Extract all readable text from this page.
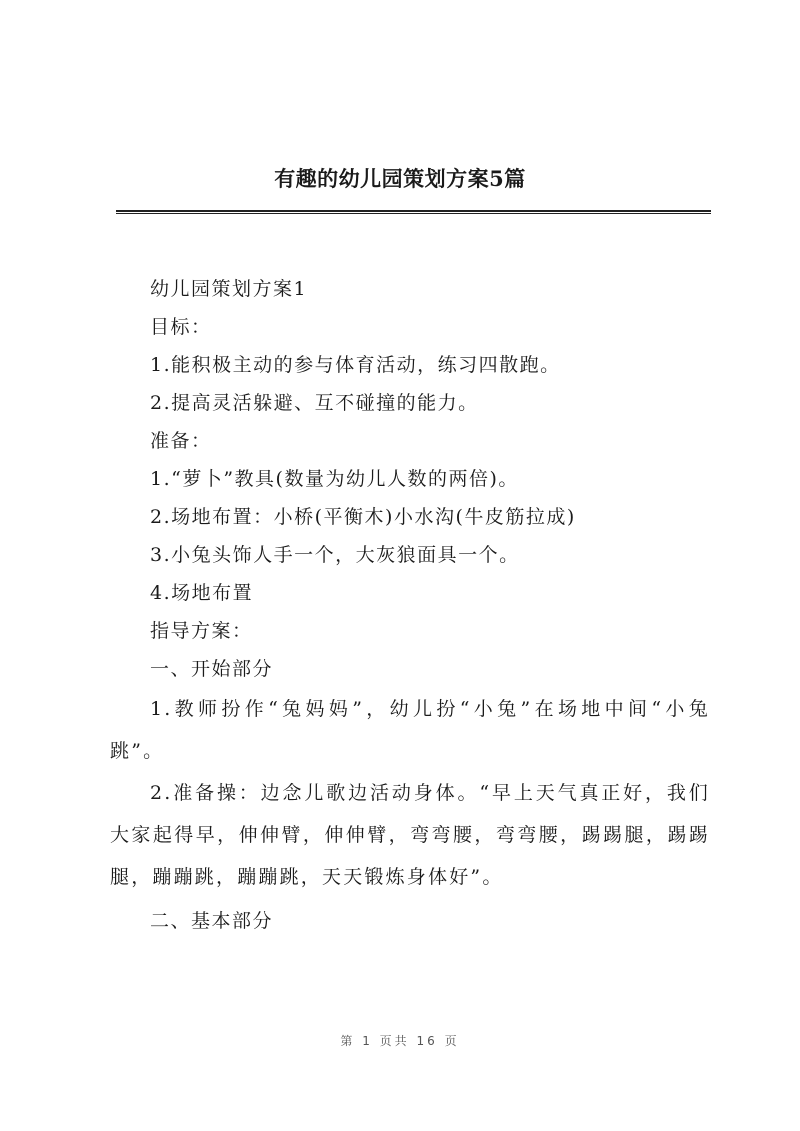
有趣的幼儿园策划方案5篇

幼儿园策划方案1

目标：

1.能积极主动的参与体育活动，练习四散跑。

2.提高灵活躲避、互不碰撞的能力。

准备：

1.“萝卜”教具(数量为幼儿人数的两倍)。

2.场地布置：小桥(平衡木)小水沟(牛皮筋拉成)

3.小兔头饰人手一个，大灰狼面具一个。

4.场地布置

指导方案：

一、开始部分

1.教师扮作“兔妈妈”，幼儿扮“小兔”在场地中间“小兔跳”。

2.准备操：边念儿歌边活动身体。“早上天气真正好，我们大家起得早，伸伸臂，伸伸臂，弯弯腰，弯弯腰，踢踢腿，踢踢腿，蹦蹦跳，蹦蹦跳，天天锻炼身体好”。

二、基本部分

第 1 页共 16 页
